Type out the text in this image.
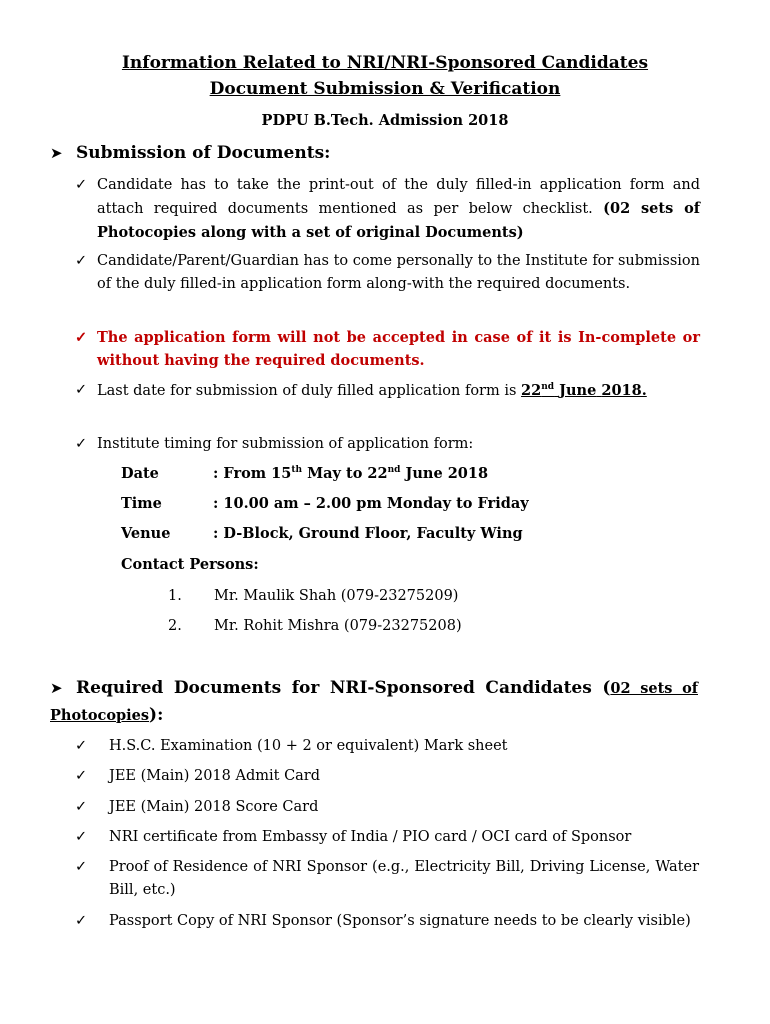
Information Related to NRI/NRI-Sponsored Candidates
Document Submission & Verification
PDPU B.Tech. Admission 2018
➤ Submission of Documents:
✓ Candidate has to take the print-out of the duly filled-in application form and attach required documents mentioned as per below checklist. (02 sets of Photocopies along with a set of original Documents)
✓ Candidate/Parent/Guardian has to come personally to the Institute for submission of the duly filled-in application form along-with the required documents.
✓ The application form will not be accepted in case of it is In-complete or without having the required documents.
✓ Last date for submission of duly filled application form is 22nd June 2018.
✓ Institute timing for submission of application form:
Date	: From 15th May to 22nd June 2018
Time	: 10.00 am – 2.00 pm Monday to Friday
Venue	: D-Block, Ground Floor, Faculty Wing
Contact Persons:
1. Mr. Maulik Shah (079-23275209)
2. Mr. Rohit Mishra (079-23275208)
➤ Required Documents for NRI-Sponsored Candidates (02 sets of Photocopies):
✓ H.S.C. Examination (10 + 2 or equivalent) Mark sheet
✓ JEE (Main) 2018 Admit Card
✓ JEE (Main) 2018 Score Card
✓ NRI certificate from Embassy of India / PIO card / OCI card of Sponsor
✓ Proof of Residence of NRI Sponsor (e.g., Electricity Bill, Driving License, Water Bill, etc.)
✓ Passport Copy of NRI Sponsor (Sponsor’s signature needs to be clearly visible)
